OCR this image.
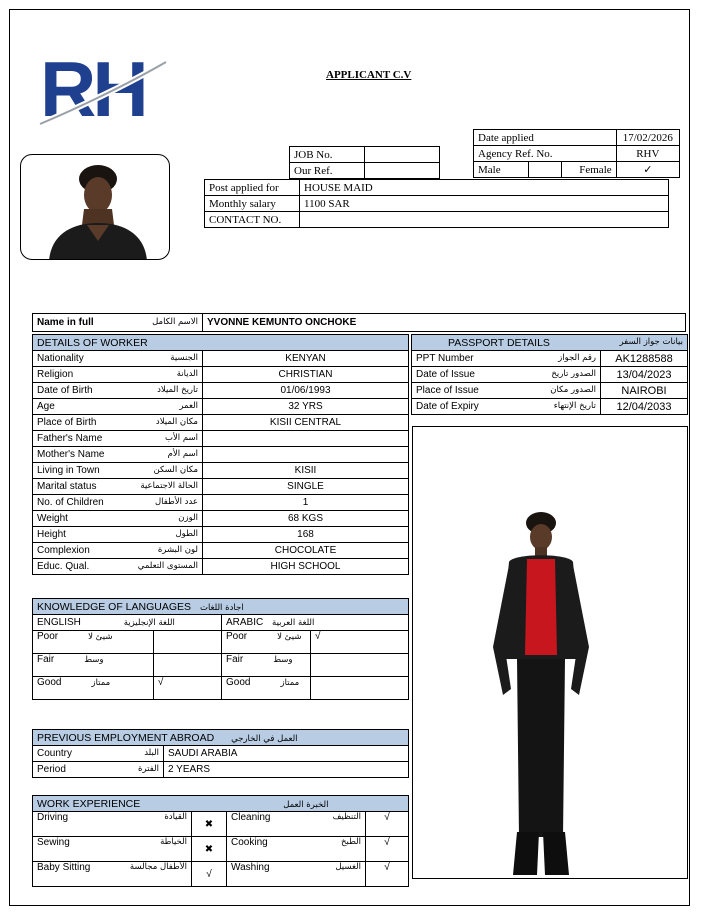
RH	APPLICANT C.V
Date applied			17/02/2026
Agency Ref. No.			RHV
Male		Female	✓
JOB No.	
Our Ref.	
Post applied for	HOUSE MAID
Monthly salary	1100 SAR
CONTACT NO.	
Name in full	الاسم الكامل	YVONNE KEMUNTO ONCHOKE
DETAILS OF WORKER	
Nationality الجنسية	KENYAN
Religion الديانة	CHRISTIAN
Date of Birth تاريخ الميلاد	01/06/1993
Age العمر	32 YRS
Place of Birth مكان الميلاد	KISII CENTRAL
Father's Name اسم الأب	

Mother's Name اسم الأم	

Living in Town مكان السكن	KISII
Marital status الحالة الاجتماعية	SINGLE
No. of Children عدد الأطفال	1
Weight الوزن	68 KGS
Height الطول	168
Complexion لون البشرة	CHOCOLATE
Educ. Qual. المستوى التعلمي	HIGH SCHOOL
PASSPORT DETAILS بيانات جواز السفر	

PPT Number رقم الجواز	AK1288588
Date of Issue الصدور تاريخ	13/04/2023
Place of Issue الصدور مكان	NAIROBI
Date of Expiry تاريخ الإنتهاء	12/04/2033
KNOWLEDGE OF LANGUAGES اجادة اللغات			
ENGLISH اللغة الإنجليزية		ARABIC اللغة العربية	
Poor شيئ لا		Poor شيئ لا	√
Fair وسط		Fair وسط	
Good ممتاز	√	Good ممتاز	
PREVIOUS EMPLOYMENT ABROAD العمل في الخارجي	
Country البلد	SAUDI ARABIA
Period الفترة	2 YEARS
WORK EXPERIENCE الخبرة العمل			
Driving القيادة	✖	Cleaning التنظيف	√
Sewing الخياطة	✖	Cooking الطبخ	√
Baby Sitting الأطفال مجالسة	√	Washing الغسيل	√
